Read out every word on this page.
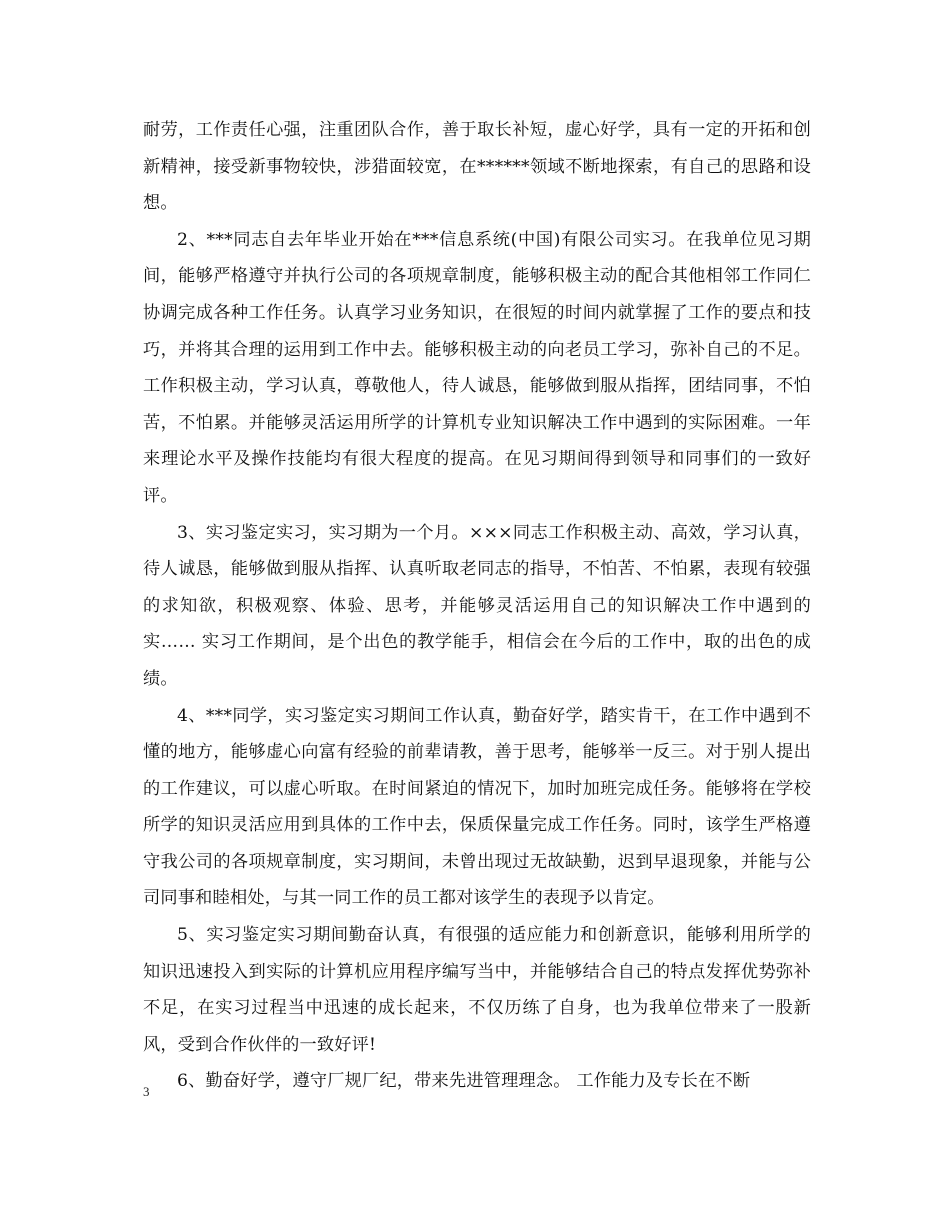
耐劳，工作责任心强，注重团队合作，善于取长补短，虚心好学，具有一定的开拓和创新精神，接受新事物较快，涉猎面较宽，在******领域不断地探索，有自己的思路和设想。

2、***同志自去年毕业开始在***信息系统(中国)有限公司实习。在我单位见习期间，能够严格遵守并执行公司的各项规章制度，能够积极主动的配合其他相邻工作同仁协调完成各种工作任务。认真学习业务知识，在很短的时间内就掌握了工作的要点和技巧，并将其合理的运用到工作中去。能够积极主动的向老员工学习，弥补自己的不足。工作积极主动，学习认真，尊敬他人，待人诚恳，能够做到服从指挥，团结同事，不怕苦，不怕累。并能够灵活运用所学的计算机专业知识解决工作中遇到的实际困难。一年来理论水平及操作技能均有很大程度的提高。在见习期间得到领导和同事们的一致好评。

3、实习鉴定实习，实习期为一个月。×××同志工作积极主动、高效，学习认真，待人诚恳，能够做到服从指挥、认真听取老同志的指导，不怕苦、不怕累，表现有较强的求知欲，积极观察、体验、思考，并能够灵活运用自己的知识解决工作中遇到的实…… 实习工作期间，是个出色的教学能手，相信会在今后的工作中，取的出色的成绩。

4、***同学，实习鉴定实习期间工作认真，勤奋好学，踏实肯干，在工作中遇到不懂的地方，能够虚心向富有经验的前辈请教，善于思考，能够举一反三。对于别人提出的工作建议，可以虚心听取。在时间紧迫的情况下，加时加班完成任务。能够将在学校所学的知识灵活应用到具体的工作中去，保质保量完成工作任务。同时，该学生严格遵守我公司的各项规章制度，实习期间，未曾出现过无故缺勤，迟到早退现象，并能与公司同事和睦相处，与其一同工作的员工都对该学生的表现予以肯定。

5、实习鉴定实习期间勤奋认真，有很强的适应能力和创新意识，能够利用所学的知识迅速投入到实际的计算机应用程序编写当中，并能够结合自己的特点发挥优势弥补不足，在实习过程当中迅速的成长起来，不仅历练了自身，也为我单位带来了一股新风，受到合作伙伴的一致好评!

6、勤奋好学，遵守厂规厂纪，带来先进管理理念。 工作能力及专长在不断

3
